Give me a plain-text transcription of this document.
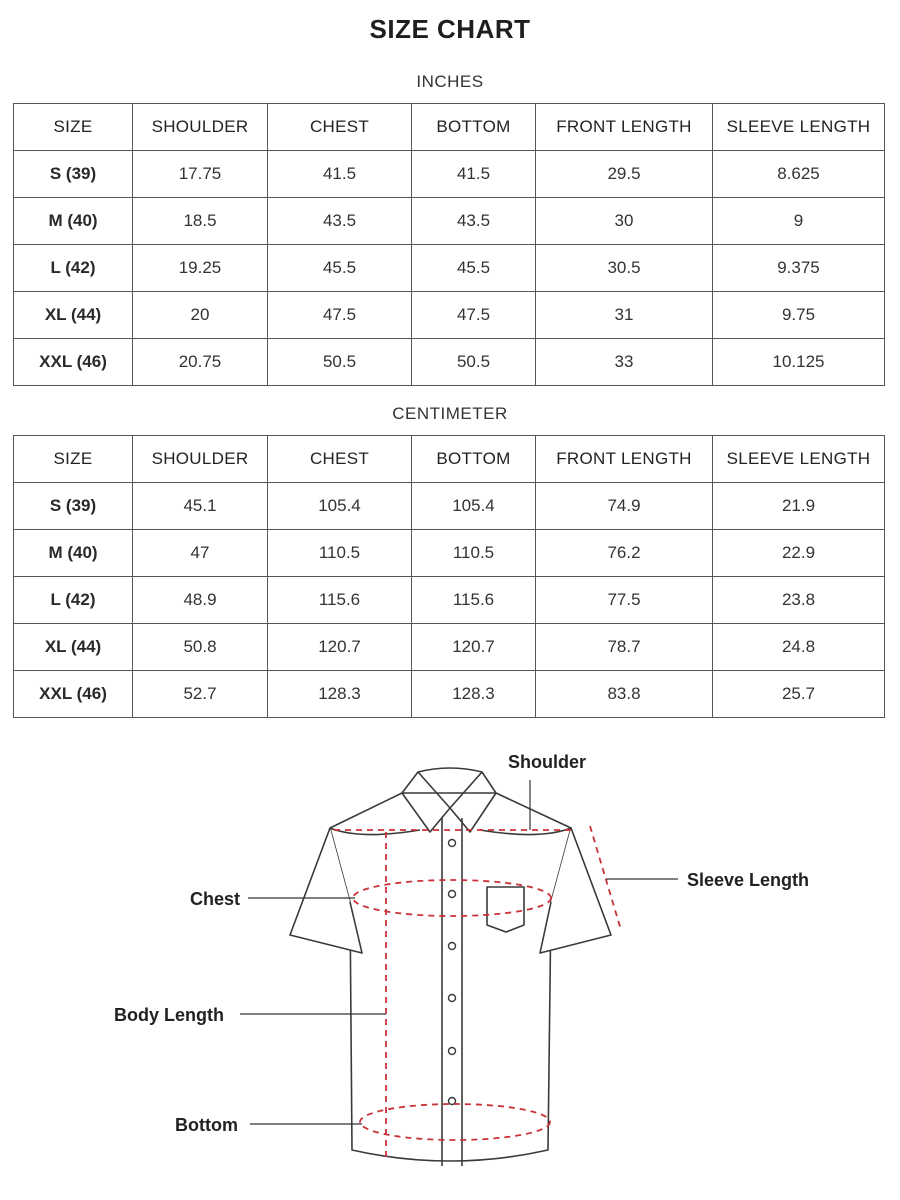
SIZE CHART
INCHES
SIZE	SHOULDER	CHEST	BOTTOM	FRONT LENGTH	SLEEVE LENGTH
S (39)	17.75	41.5	41.5	29.5	8.625
M (40)	18.5	43.5	43.5	30	9
L (42)	19.25	45.5	45.5	30.5	9.375
XL (44)	20	47.5	47.5	31	9.75
XXL (46)	20.75	50.5	50.5	33	10.125
CENTIMETER
SIZE	SHOULDER	CHEST	BOTTOM	FRONT LENGTH	SLEEVE LENGTH
S (39)	45.1	105.4	105.4	74.9	21.9
M (40)	47	110.5	110.5	76.2	22.9
L (42)	48.9	115.6	115.6	77.5	23.8
XL (44)	50.8	120.7	120.7	78.7	24.8
XXL (46)	52.7	128.3	128.3	83.8	25.7
Shoulder
Sleeve Length
Chest
Body Length
Bottom
